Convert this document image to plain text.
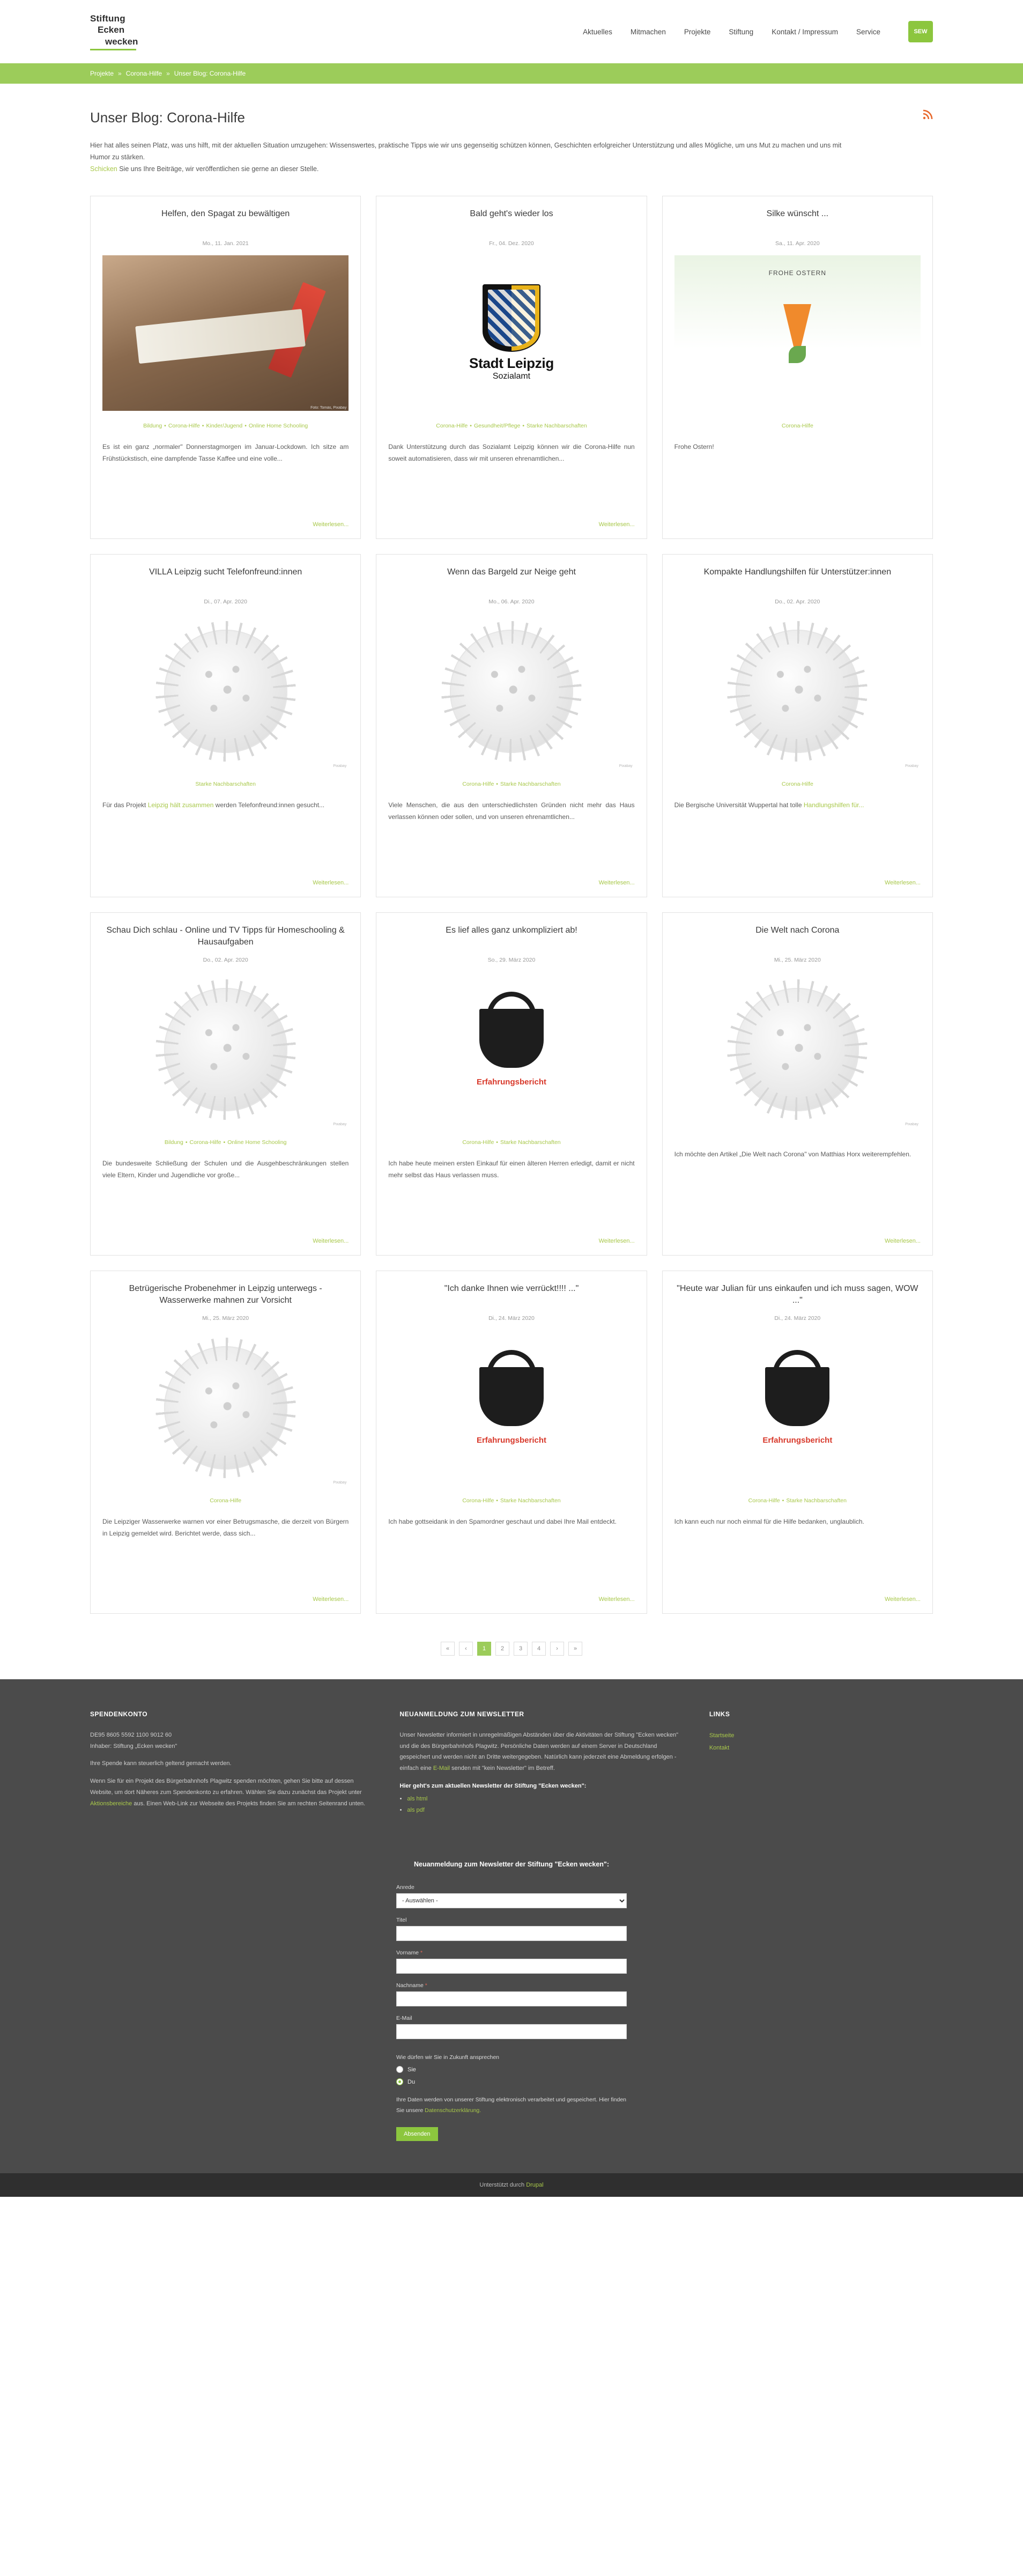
Stiftung
Ecken
wecken
Aktuelles	Mitmachen	Projekte	Stiftung	Kontakt / Impressum	Service	SEW
Projekte » Corona-Hilfe » Unser Blog: Corona-Hilfe
Unser Blog: Corona-Hilfe
Hier hat alles seinen Platz, was uns hilft, mit der aktuellen Situation umzugehen: Wissenswertes, praktische Tipps wie wir uns gegenseitig schützen können, Geschichten erfolgreicher Unterstützung und alles Mögliche, um uns Mut zu machen und uns mit Humor zu stärken.
Schicken Sie uns Ihre Beiträge, wir veröffentlichen sie gerne an dieser Stelle.
Helfen, den Spagat zu bewältigen
Mo., 11. Jan. 2021
Foto: Tomás, Pixabay
Bildung • Corona-Hilfe • Kinder/Jugend • Online Home Schooling
Es ist ein ganz „normaler" Donnerstagmorgen im Januar-Lockdown. Ich sitze am Frühstückstisch, eine dampfende Tasse Kaffee und eine volle...
Weiterlesen...
Bald geht's wieder los
Fr., 04. Dez. 2020
Stadt Leipzig
Sozialamt
Corona-Hilfe • Gesundheit/Pflege • Starke Nachbarschaften
Dank Unterstützung durch das Sozialamt Leipzig können wir die Corona-Hilfe nun soweit automatisieren, dass wir mit unseren ehrenamtlichen...
Weiterlesen...
Silke wünscht ...
Sa., 11. Apr. 2020
FROHE OSTERN
Corona-Hilfe
Frohe Ostern!
VILLA Leipzig sucht Telefonfreund:innen
Di., 07. Apr. 2020
Pixabay
Starke Nachbarschaften
Für das Projekt Leipzig hält zusammen werden Telefonfreund:innen gesucht...
Weiterlesen...
Wenn das Bargeld zur Neige geht
Mo., 06. Apr. 2020
Pixabay
Corona-Hilfe • Starke Nachbarschaften
Viele Menschen, die aus den unterschiedlichsten Gründen nicht mehr das Haus verlassen können oder sollen, und von unseren ehrenamtlichen...
Weiterlesen...
Kompakte Handlungshilfen für Unterstützer:innen
Do., 02. Apr. 2020
Pixabay
Corona-Hilfe
Die Bergische Universität Wuppertal hat tolle Handlungshilfen für...
Weiterlesen...
Schau Dich schlau - Online und TV Tipps für Homeschooling & Hausaufgaben
Do., 02. Apr. 2020
Pixabay
Bildung • Corona-Hilfe • Online Home Schooling
Die bundesweite Schließung der Schulen und die Ausgehbeschränkungen stellen viele Eltern, Kinder und Jugendliche vor große...
Weiterlesen...
Es lief alles ganz unkompliziert ab!
So., 29. März 2020
Erfahrungsbericht
Corona-Hilfe • Starke Nachbarschaften
Ich habe heute meinen ersten Einkauf für einen älteren Herren erledigt, damit er nicht mehr selbst das Haus verlassen muss.
Weiterlesen...
Die Welt nach Corona
Mi., 25. März 2020
Pixabay
Ich möchte den Artikel „Die Welt nach Corona" von Matthias Horx weiterempfehlen.
Weiterlesen...
Betrügerische Probenehmer in Leipzig unterwegs - Wasserwerke mahnen zur Vorsicht
Mi., 25. März 2020
Pixabay
Corona-Hilfe
Die Leipziger Wasserwerke warnen vor einer Betrugsmasche, die derzeit von Bürgern in Leipzig gemeldet wird. Berichtet werde, dass sich...
Weiterlesen...
"Ich danke Ihnen wie verrückt!!!! ..."
Di., 24. März 2020
Erfahrungsbericht
Corona-Hilfe • Starke Nachbarschaften
Ich habe gottseidank in den Spamordner geschaut und dabei Ihre Mail entdeckt.
Weiterlesen...
"Heute war Julian für uns einkaufen und ich muss sagen, WOW ..."
Di., 24. März 2020
Erfahrungsbericht
Corona-Hilfe • Starke Nachbarschaften
Ich kann euch nur noch einmal für die Hilfe bedanken, unglaublich.
Weiterlesen...
«	‹	1	2	3	4	›	»
SPENDENKONTO
DE95 8605 5592 1100 9012 60
Inhaber: Stiftung „Ecken wecken"
Ihre Spende kann steuerlich geltend gemacht werden.
Wenn Sie für ein Projekt des Bürgerbahnhofs Plagwitz spenden möchten, gehen Sie bitte auf dessen Website, um dort Näheres zum Spendenkonto zu erfahren. Wählen Sie dazu zunächst das Projekt unter Aktionsbereiche aus. Einen Web-Link zur Webseite des Projekts finden Sie am rechten Seitenrand unten.
NEUANMELDUNG ZUM NEWSLETTER
Unser Newsletter informiert in unregelmäßigen Abständen über die Aktivitäten der Stiftung "Ecken wecken" und die des Bürgerbahnhofs Plagwitz. Persönliche Daten werden auf einem Server in Deutschland gespeichert und werden nicht an Dritte weitergegeben. Natürlich kann jederzeit eine Abmeldung erfolgen - einfach eine E-Mail senden mit "kein Newsletter" im Betreff.
Hier geht's zum aktuellen Newsletter der Stiftung "Ecken wecken":
• als html
• als pdf
LINKS
Startseite
Kontakt
Neuanmeldung zum Newsletter der Stiftung "Ecken wecken":
Anrede
- Auswählen -
Titel
Vorname *
Nachname *
E-Mail
Wie dürfen wir Sie in Zukunft ansprechen
Sie
Du
Ihre Daten werden von unserer Stiftung elektronisch verarbeitet und gespeichert. Hier finden Sie unsere Datenschutzerklärung.
Absenden
Unterstützt durch Drupal
